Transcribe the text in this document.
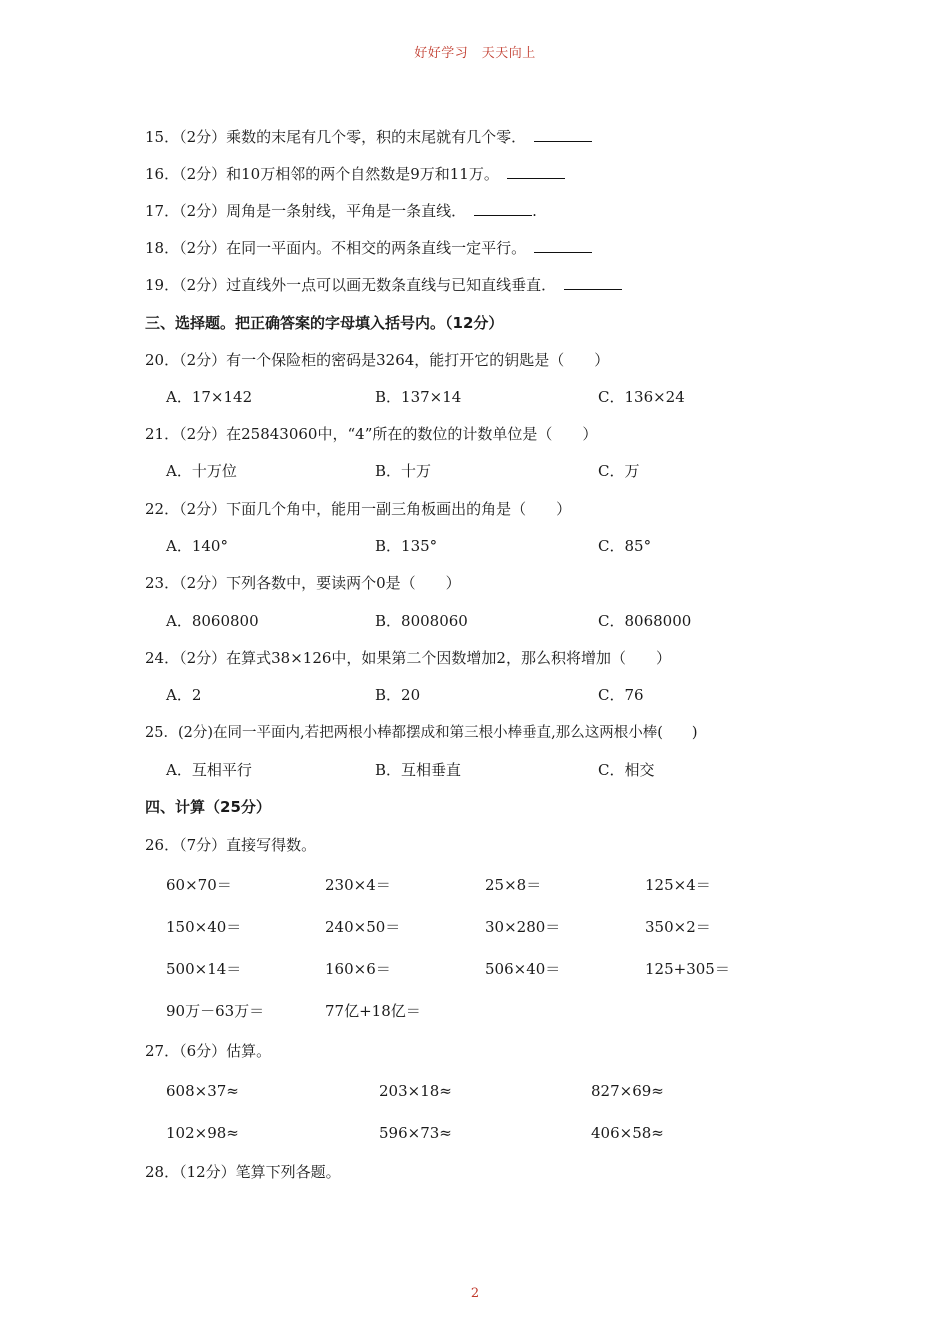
好好学习　天天向上
15．（2分）乘数的末尾有几个零，积的末尾就有几个零．
16．（2分）和10万相邻的两个自然数是9万和11万。
17．（2分）周角是一条射线，平角是一条直线．	.
18．（2分）在同一平面内。不相交的两条直线一定平行。
19．（2分）过直线外一点可以画无数条直线与已知直线垂直．
三、选择题。把正确答案的字母填入括号内。（12分）
20．（2分）有一个保险柜的密码是3264，能打开它的钥匙是（　　）
A．17×142	B．137×14	C．136×24
21．（2分）在25843060中，“4”所在的数位的计数单位是（　　）
A．十万位	B．十万	C．万
22．（2分）下面几个角中，能用一副三角板画出的角是（　　）
A．140°	B．135°	C．85°
23．（2分）下列各数中，要读两个0是（　　）
A．8060800	B．8008060	C．8068000
24．（2分）在算式38×126中，如果第二个因数增加2，那么积将增加（　　）
A．2	B．20	C．76
25．(2分)在同一平面内,若把两根小棒都摆成和第三根小棒垂直,那么这两根小棒(　　)
A．互相平行	B．互相垂直	C．相交
四、计算（25分）
26．（7分）直接写得数。
60×70＝	230×4＝	25×8＝	125×4＝
150×40＝	240×50＝	30×280＝	350×2＝
500×14＝	160×6＝	506×40＝	125+305＝
90万－63万＝	77亿+18亿＝
27．（6分）估算。
608×37≈	203×18≈	827×69≈
102×98≈	596×73≈	406×58≈
28．（12分）笔算下列各题。
2
